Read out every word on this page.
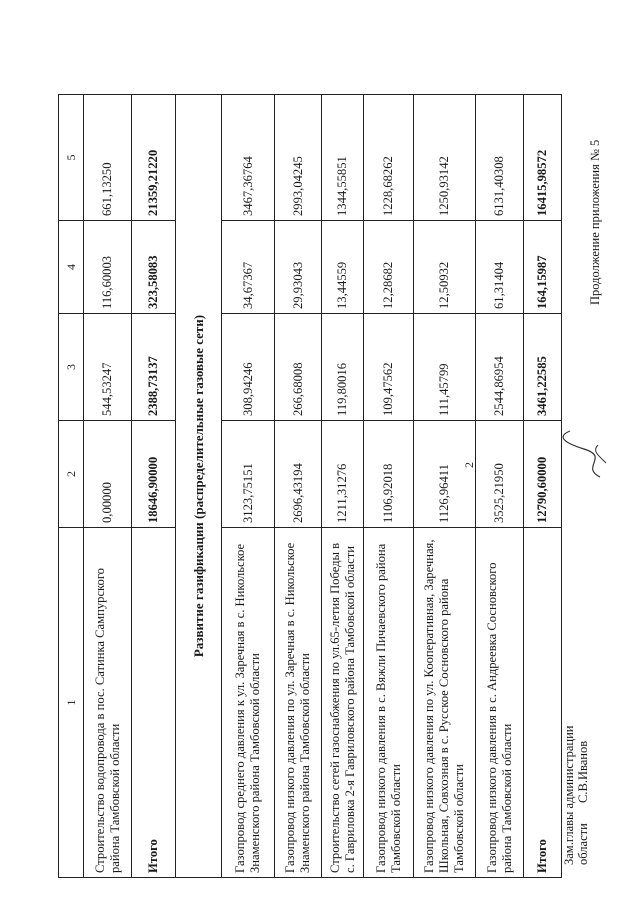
2
Продолжение приложения № 5
1	2	3	4	5
Строительство водопровода в пос. Сатинка Сампурского района Тамбовской области	0,00000	544,53247	116,60003	661,13250
Итого	18646,90000	2388,73137	323,58083	21359,21220
Развитие газификации (распределительные газовые сети)				
Газопровод среднего давления к ул. Заречная в с. Никольское Знаменского района Тамбовской области	3123,75151	308,94246	34,67367	3467,36764
Газопровод низкого давления по ул. Заречная в с. Никольское Знаменского района Тамбовской области	2696,43194	266,68008	29,93043	2993,04245
Строительство сетей газоснабжения по ул.65-летия Победы в с. Гавриловка 2-я Гавриловского района Тамбовской области	1211,31276	119,80016	13,44559	1344,55851
Газопровод низкого давления в с. Вяжли Пичаевского района Тамбовской области	1106,92018	109,47562	12,28682	1228,68262
Газопровод низкого давления по ул. Кооперативная, Заречная, Школьная, Совхозная в с. Русское Сосновского района Тамбовской области	1126,96411	111,45799	12,50932	1250,93142
Газопровод низкого давления в с. Андреевка Сосновского района Тамбовской области	3525,21950	2544,86954	61,31404	6131,40308
Итого	12790,60000	3461,22585	164,15987	16415,98572
Зам.главы администрации области  С.В.Иванов
